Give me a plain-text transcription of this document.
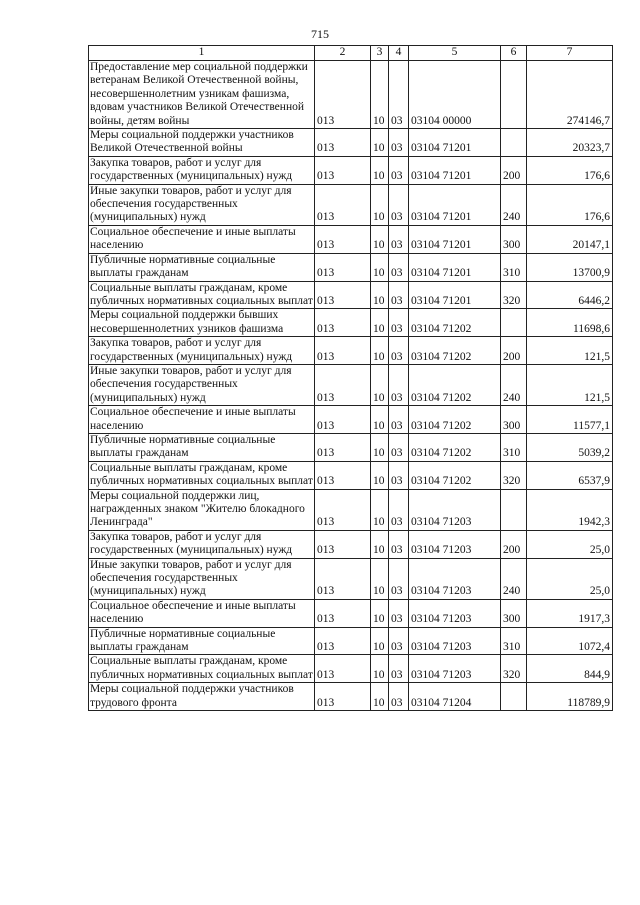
715
1	2	3	4	5	6	7
Предоставление мер социальной поддержки ветеранам Великой Отечественной войны, несовершеннолетним узникам фашизма, вдовам участников Великой Отечественной войны, детям войны	013	10	03	03104 00000		274146,7
Меры социальной поддержки участников Великой Отечественной войны	013	10	03	03104 71201		20323,7
Закупка товаров, работ и услуг для государственных (муниципальных) нужд	013	10	03	03104 71201	200	176,6
Иные закупки товаров, работ и услуг для обеспечения государственных (муниципальных) нужд	013	10	03	03104 71201	240	176,6
Социальное обеспечение и иные выплаты населению	013	10	03	03104 71201	300	20147,1
Публичные нормативные социальные выплаты гражданам	013	10	03	03104 71201	310	13700,9
Социальные выплаты гражданам, кроме публичных нормативных социальных выплат	013	10	03	03104 71201	320	6446,2
Меры социальной поддержки бывших несовершеннолетних узников фашизма	013	10	03	03104 71202		11698,6
Закупка товаров, работ и услуг для государственных (муниципальных) нужд	013	10	03	03104 71202	200	121,5
Иные закупки товаров, работ и услуг для обеспечения государственных (муниципальных) нужд	013	10	03	03104 71202	240	121,5
Социальное обеспечение и иные выплаты населению	013	10	03	03104 71202	300	11577,1
Публичные нормативные социальные выплаты гражданам	013	10	03	03104 71202	310	5039,2
Социальные выплаты гражданам, кроме публичных нормативных социальных выплат	013	10	03	03104 71202	320	6537,9
Меры социальной поддержки лиц, награжденных знаком "Жителю блокадного Ленинграда"	013	10	03	03104 71203		1942,3
Закупка товаров, работ и услуг для государственных (муниципальных) нужд	013	10	03	03104 71203	200	25,0
Иные закупки товаров, работ и услуг для обеспечения государственных (муниципальных) нужд	013	10	03	03104 71203	240	25,0
Социальное обеспечение и иные выплаты населению	013	10	03	03104 71203	300	1917,3
Публичные нормативные социальные выплаты гражданам	013	10	03	03104 71203	310	1072,4
Социальные выплаты гражданам, кроме публичных нормативных социальных выплат	013	10	03	03104 71203	320	844,9
Меры социальной поддержки участников трудового фронта	013	10	03	03104 71204		118789,9
